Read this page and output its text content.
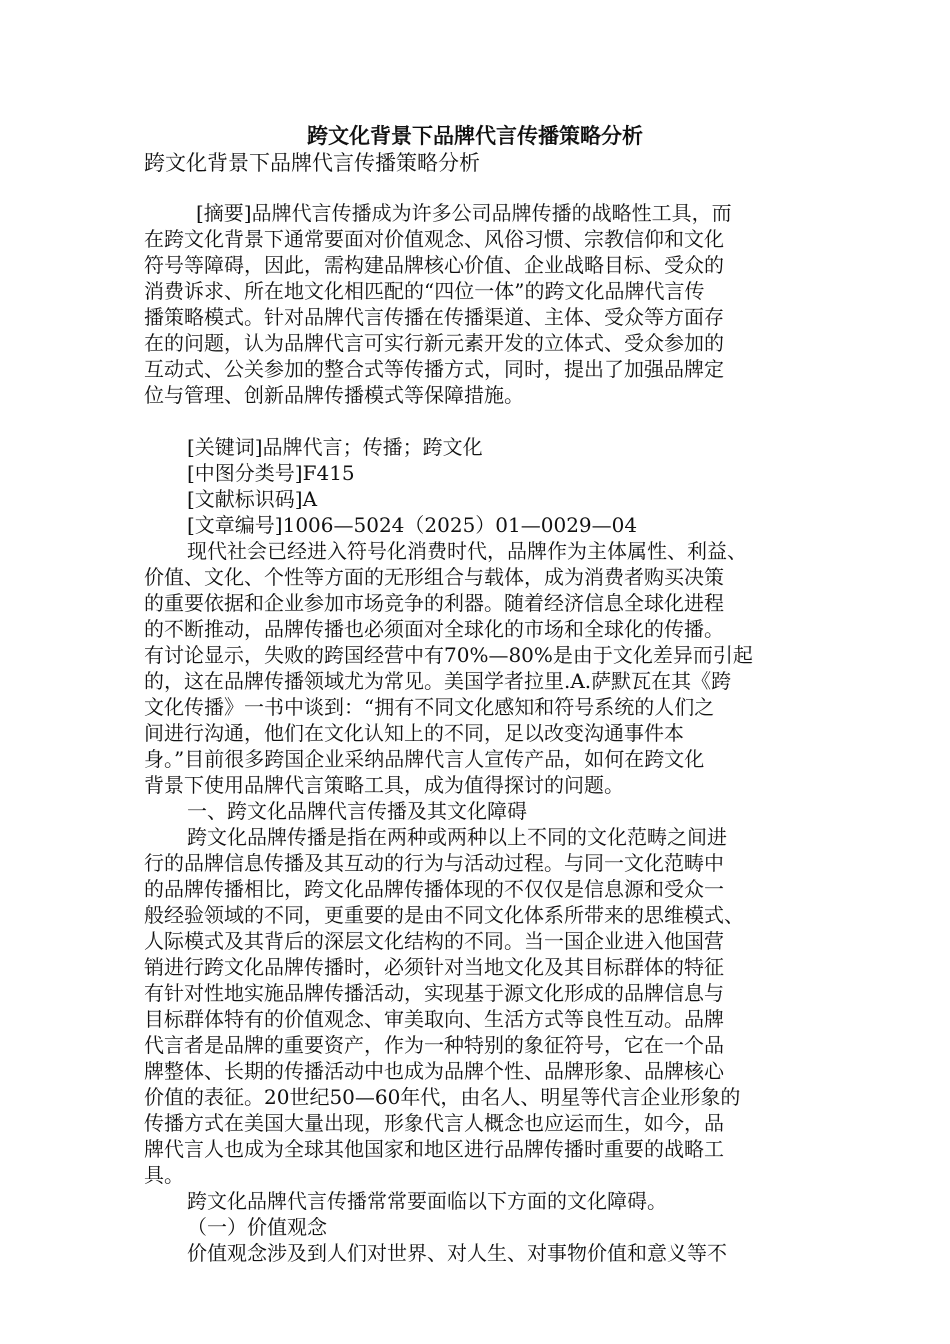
跨文化背景下品牌代言传播策略分析
跨文化背景下品牌代言传播策略分析
[摘要]品牌代言传播成为许多公司品牌传播的战略性工具，而
在跨文化背景下通常要面对价值观念、风俗习惯、宗教信仰和文化
符号等障碍，因此，需构建品牌核心价值、企业战略目标、受众的
消费诉求、所在地文化相匹配的“四位一体”的跨文化品牌代言传
播策略模式。针对品牌代言传播在传播渠道、主体、受众等方面存
在的问题，认为品牌代言可实行新元素开发的立体式、受众参加的
互动式、公关参加的整合式等传播方式，同时，提出了加强品牌定
位与管理、创新品牌传播模式等保障措施。
[关键词]品牌代言；传播；跨文化
[中图分类号]F415
[文献标识码]A
[文章编号]1006—5024（2025）01—0029—04
现代社会已经进入符号化消费时代，品牌作为主体属性、利益、
价值、文化、个性等方面的无形组合与载体，成为消费者购买决策
的重要依据和企业参加市场竞争的利器。随着经济信息全球化进程
的不断推动，品牌传播也必须面对全球化的市场和全球化的传播。
有讨论显示，失败的跨国经营中有70%—80%是由于文化差异而引起
的，这在品牌传播领域尤为常见。美国学者拉里.A.萨默瓦在其《跨
文化传播》一书中谈到：“拥有不同文化感知和符号系统的人们之
间进行沟通，他们在文化认知上的不同，足以改变沟通事件本
身。”目前很多跨国企业采纳品牌代言人宣传产品，如何在跨文化
背景下使用品牌代言策略工具，成为值得探讨的问题。
一、跨文化品牌代言传播及其文化障碍
跨文化品牌传播是指在两种或两种以上不同的文化范畴之间进
行的品牌信息传播及其互动的行为与活动过程。与同一文化范畴中
的品牌传播相比，跨文化品牌传播体现的不仅仅是信息源和受众一
般经验领域的不同，更重要的是由不同文化体系所带来的思维模式、
人际模式及其背后的深层文化结构的不同。当一国企业进入他国营
销进行跨文化品牌传播时，必须针对当地文化及其目标群体的特征
有针对性地实施品牌传播活动，实现基于源文化形成的品牌信息与
目标群体特有的价值观念、审美取向、生活方式等良性互动。品牌
代言者是品牌的重要资产，作为一种特别的象征符号，它在一个品
牌整体、长期的传播活动中也成为品牌个性、品牌形象、品牌核心
价值的表征。20世纪50—60年代，由名人、明星等代言企业形象的
传播方式在美国大量出现，形象代言人概念也应运而生，如今，品
牌代言人也成为全球其他国家和地区进行品牌传播时重要的战略工
具。
跨文化品牌代言传播常常要面临以下方面的文化障碍。
（一）价值观念
价值观念涉及到人们对世界、对人生、对事物价值和意义等不
